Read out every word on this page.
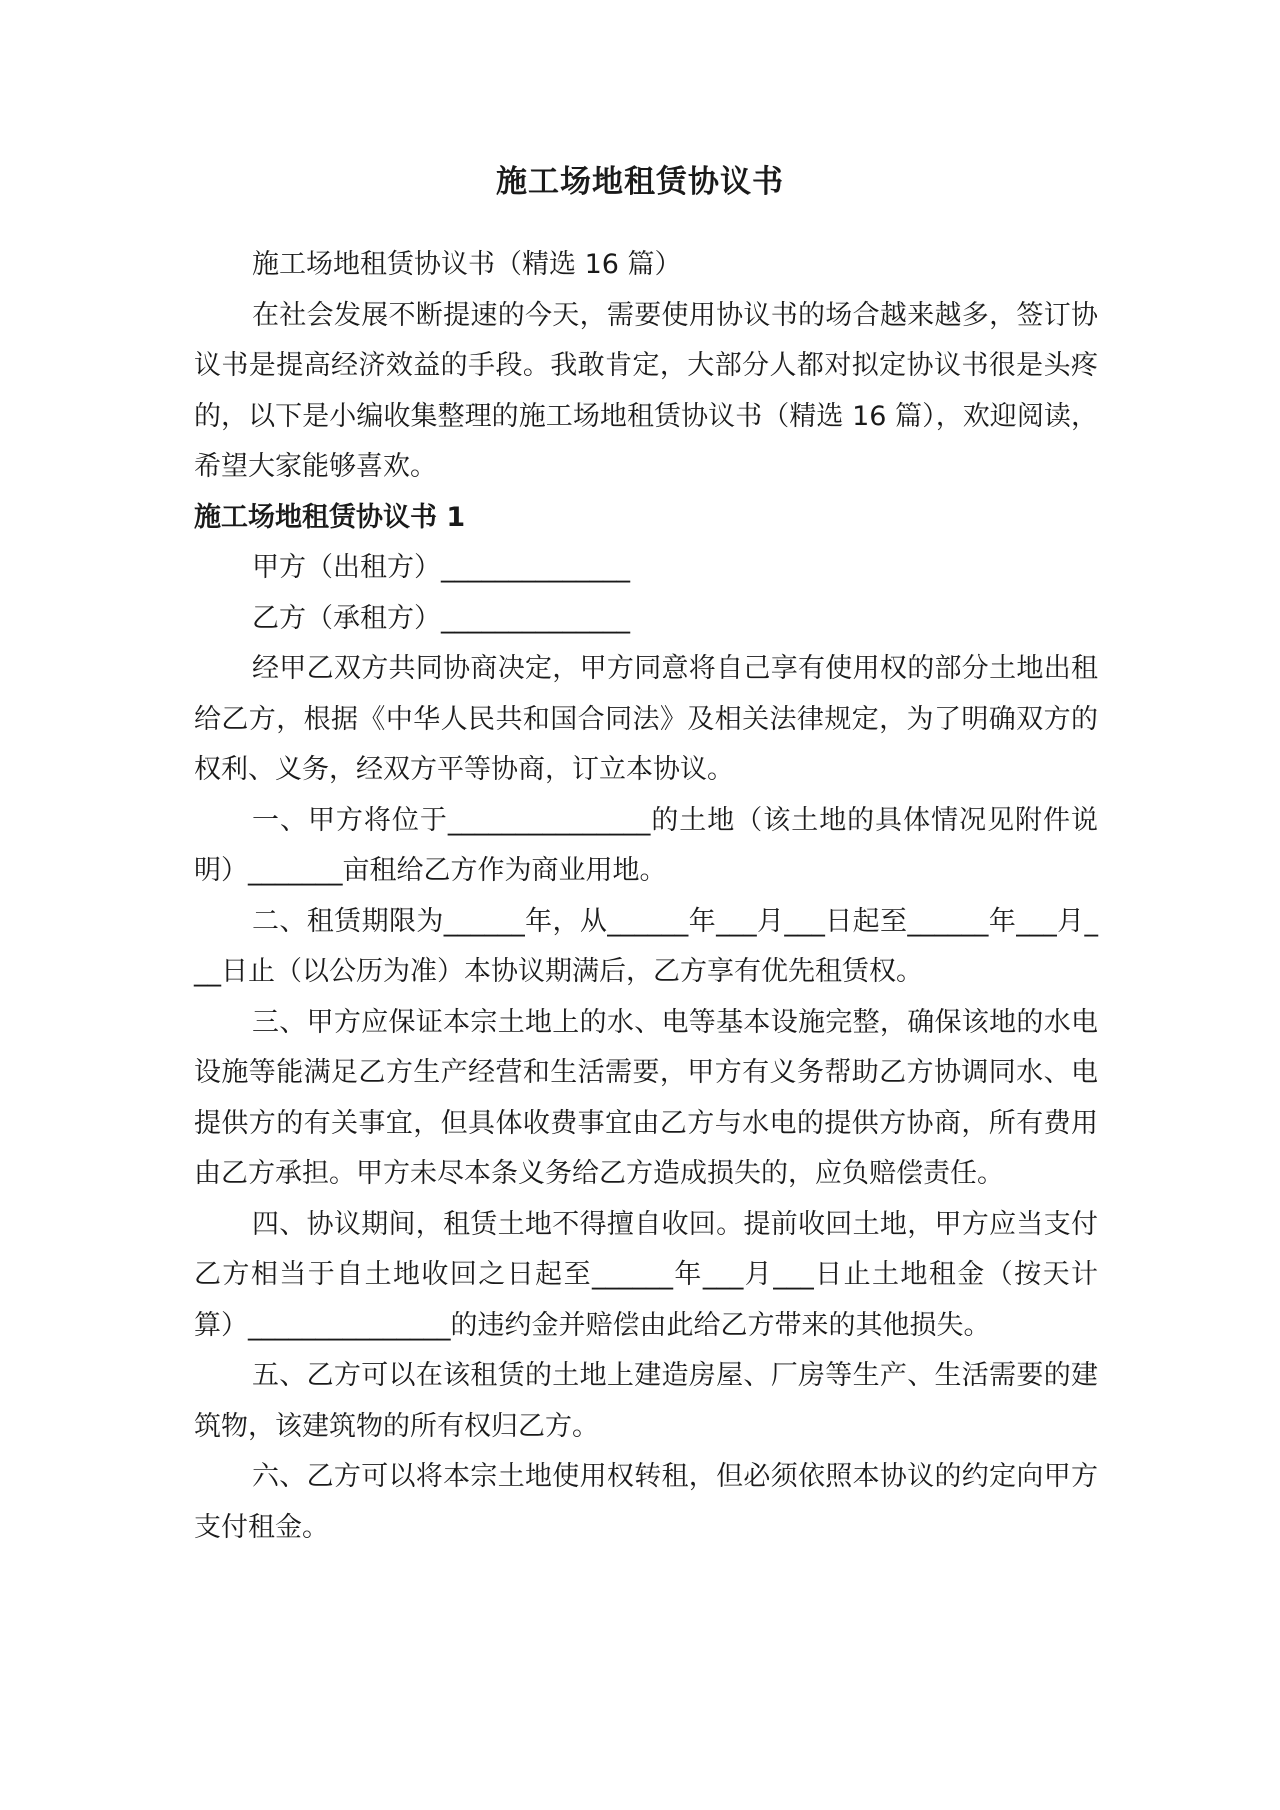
施工场地租赁协议书

施工场地租赁协议书（精选 16 篇）

在社会发展不断提速的今天，需要使用协议书的场合越来越多，签订协议书是提高经济效益的手段。我敢肯定，大部分人都对拟定协议书很是头疼的，以下是小编收集整理的施工场地租赁协议书（精选 16 篇），欢迎阅读，希望大家能够喜欢。

施工场地租赁协议书 1

甲方（出租方）______________

乙方（承租方）______________

经甲乙双方共同协商决定，甲方同意将自己享有使用权的部分土地出租给乙方，根据《中华人民共和国合同法》及相关法律规定，为了明确双方的权利、义务，经双方平等协商，订立本协议。

一、甲方将位于_______________的土地（该土地的具体情况见附件说明）_______亩租给乙方作为商业用地。

二、租赁期限为______年，从______年___月___日起至______年___月___日止（以公历为准）本协议期满后，乙方享有优先租赁权。

三、甲方应保证本宗土地上的水、电等基本设施完整，确保该地的水电设施等能满足乙方生产经营和生活需要，甲方有义务帮助乙方协调同水、电提供方的有关事宜，但具体收费事宜由乙方与水电的提供方协商，所有费用由乙方承担。甲方未尽本条义务给乙方造成损失的，应负赔偿责任。

四、协议期间，租赁土地不得擅自收回。提前收回土地，甲方应当支付乙方相当于自土地收回之日起至______年___月___日止土地租金（按天计算）_______________的违约金并赔偿由此给乙方带来的其他损失。

五、乙方可以在该租赁的土地上建造房屋、厂房等生产、生活需要的建筑物，该建筑物的所有权归乙方。

六、乙方可以将本宗土地使用权转租，但必须依照本协议的约定向甲方支付租金。
